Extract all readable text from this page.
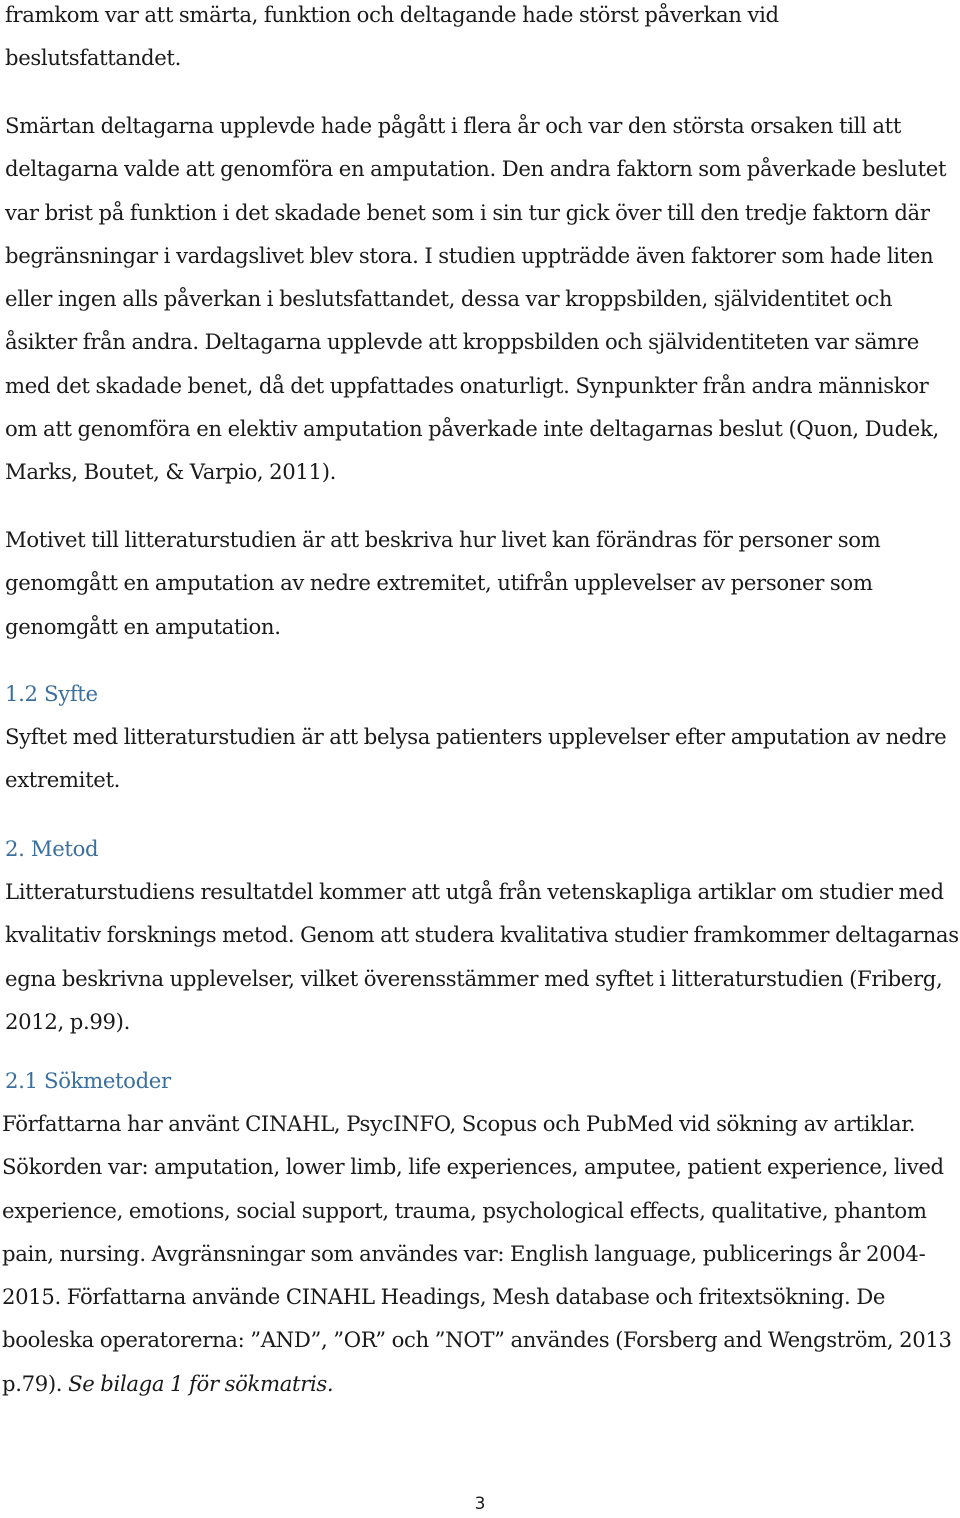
framkom var att smärta, funktion och deltagande hade störst påverkan vid beslutsfattandet.

Smärtan deltagarna upplevde hade pågått i flera år och var den största orsaken till att deltagarna valde att genomföra en amputation. Den andra faktorn som påverkade beslutet var brist på funktion i det skadade benet som i sin tur gick över till den tredje faktorn där begränsningar i vardagslivet blev stora. I studien uppträdde även faktorer som hade liten eller ingen alls påverkan i beslutsfattandet, dessa var kroppsbilden, självidentitet och åsikter från andra. Deltagarna upplevde att kroppsbilden och självidentiteten var sämre med det skadade benet, då det uppfattades onaturligt. Synpunkter från andra människor om att genomföra en elektiv amputation påverkade inte deltagarnas beslut (Quon, Dudek, Marks, Boutet, & Varpio, 2011).

Motivet till litteraturstudien är att beskriva hur livet kan förändras för personer som genomgått en amputation av nedre extremitet, utifrån upplevelser av personer som genomgått en amputation.

1.2 Syfte

Syftet med litteraturstudien är att belysa patienters upplevelser efter amputation av nedre extremitet.

2. Metod

Litteraturstudiens resultatdel kommer att utgå från vetenskapliga artiklar om studier med kvalitativ forsknings metod. Genom att studera kvalitativa studier framkommer deltagarnas egna beskrivna upplevelser, vilket överensstämmer med syftet i litteraturstudien (Friberg, 2012, p.99).

2.1 Sökmetoder

Författarna har använt CINAHL, PsycINFO, Scopus och PubMed vid sökning av artiklar. Sökorden var: amputation, lower limb, life experiences, amputee, patient experience, lived experience, emotions, social support, trauma, psychological effects, qualitative, phantom pain, nursing. Avgränsningar som användes var: English language, publicerings år 2004-2015. Författarna använde CINAHL Headings, Mesh database och fritextsökning. De booleska operatorerna: ”AND”, ”OR” och ”NOT” användes (Forsberg and Wengström, 2013 p.79). Se bilaga 1 för sökmatris.

3
